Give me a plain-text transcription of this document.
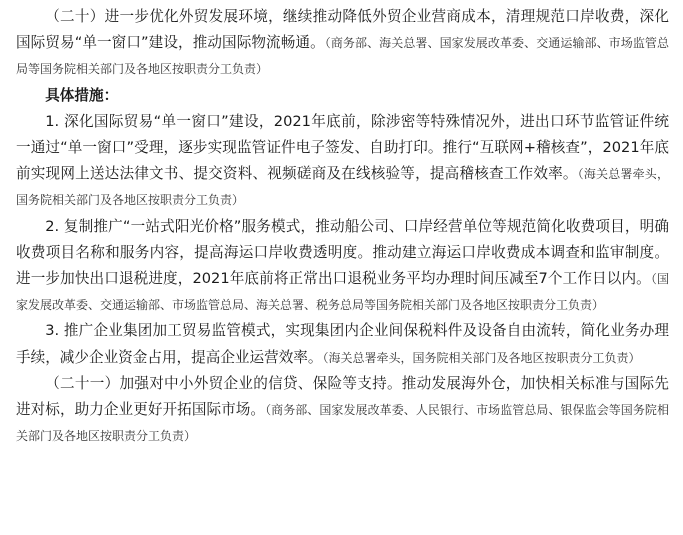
（二十）进一步优化外贸发展环境，继续推动降低外贸企业营商成本，清理规范口岸收费，深化国际贸易“单一窗口”建设，推动国际物流畅通。（商务部、海关总署、国家发展改革委、交通运输部、市场监管总局等国务院相关部门及各地区按职责分工负责）

具体措施：

1. 深化国际贸易“单一窗口”建设，2021年底前，除涉密等特殊情况外，进出口环节监管证件统一通过“单一窗口”受理，逐步实现监管证件电子签发、自助打印。推行“互联网+稽核查”，2021年底前实现网上送达法律文书、提交资料、视频磋商及在线核验等，提高稽核查工作效率。（海关总署牵头，国务院相关部门及各地区按职责分工负责）

2. 复制推广“一站式阳光价格”服务模式，推动船公司、口岸经营单位等规范简化收费项目，明确收费项目名称和服务内容，提高海运口岸收费透明度。推动建立海运口岸收费成本调查和监审制度。进一步加快出口退税进度，2021年底前将正常出口退税业务平均办理时间压减至7个工作日以内。（国家发展改革委、交通运输部、市场监管总局、海关总署、税务总局等国务院相关部门及各地区按职责分工负责）

3. 推广企业集团加工贸易监管模式，实现集团内企业间保税料件及设备自由流转，简化业务办理手续，减少企业资金占用，提高企业运营效率。（海关总署牵头，国务院相关部门及各地区按职责分工负责）

（二十一）加强对中小外贸企业的信贷、保险等支持。推动发展海外仓，加快相关标准与国际先进对标，助力企业更好开拓国际市场。（商务部、国家发展改革委、人民银行、市场监管总局、银保监会等国务院相关部门及各地区按职责分工负责）
